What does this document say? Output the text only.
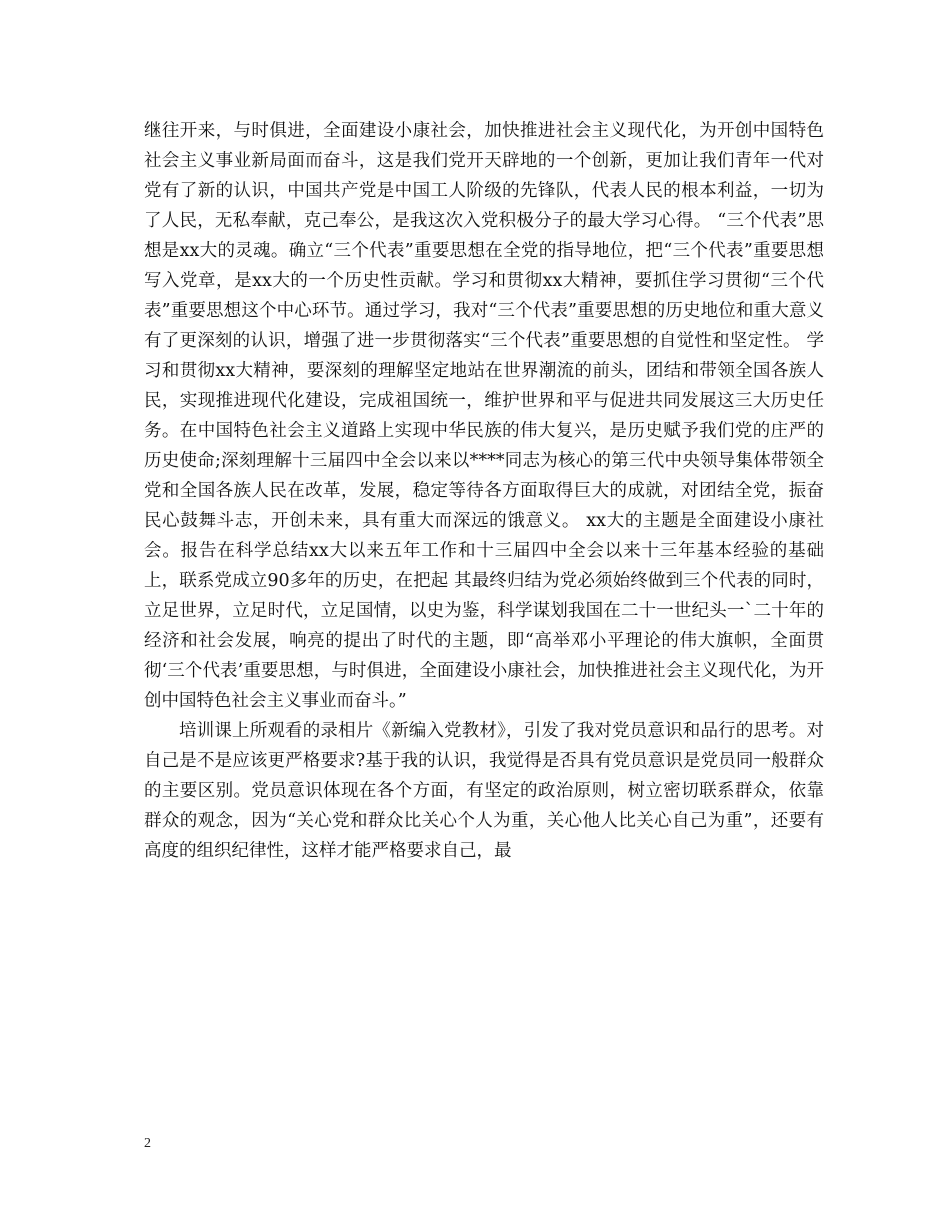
继往开来，与时俱进，全面建设小康社会，加快推进社会主义现代化，为开创中国特色社会主义事业新局面而奋斗，这是我们党开天辟地的一个创新，更加让我们青年一代对党有了新的认识，中国共产党是中国工人阶级的先锋队，代表人民的根本利益，一切为了人民，无私奉献，克己奉公，是我这次入党积极分子的最大学习心得。 “三个代表”思想是xx大的灵魂。确立“三个代表”重要思想在全党的指导地位，把“三个代表”重要思想写入党章，是xx大的一个历史性贡献。学习和贯彻xx大精神，要抓住学习贯彻“三个代表”重要思想这个中心环节。通过学习，我对“三个代表”重要思想的历史地位和重大意义有了更深刻的认识，增强了进一步贯彻落实“三个代表”重要思想的自觉性和坚定性。 学习和贯彻xx大精神，要深刻的理解坚定地站在世界潮流的前头，团结和带领全国各族人民，实现推进现代化建设，完成祖国统一，维护世界和平与促进共同发展这三大历史任务。在中国特色社会主义道路上实现中华民族的伟大复兴，是历史赋予我们党的庄严的历史使命;深刻理解十三届四中全会以来以****同志为核心的第三代中央领导集体带领全党和全国各族人民在改革，发展，稳定等待各方面取得巨大的成就，对团结全党，振奋民心鼓舞斗志，开创未来，具有重大而深远的饿意义。 xx大的主题是全面建设小康社会。报告在科学总结xx大以来五年工作和十三届四中全会以来十三年基本经验的基础上，联系党成立90多年的历史，在把起 其最终归结为党必须始终做到三个代表的同时，立足世界，立足时代，立足国情，以史为鉴，科学谋划我国在二十一世纪头一`二十年的经济和社会发展，响亮的提出了时代的主题，即“高举邓小平理论的伟大旗帜，全面贯彻‘三个代表’重要思想，与时俱进，全面建设小康社会，加快推进社会主义现代化，为开创中国特色社会主义事业而奋斗。”

培训课上所观看的录相片《新编入党教材》，引发了我对党员意识和品行的思考。对自己是不是应该更严格要求?基于我的认识，我觉得是否具有党员意识是党员同一般群众的主要区别。党员意识体现在各个方面，有坚定的政治原则，树立密切联系群众，依靠群众的观念，因为“关心党和群众比关心个人为重，关心他人比关心自己为重”，还要有高度的组织纪律性，这样才能严格要求自己，最

2
